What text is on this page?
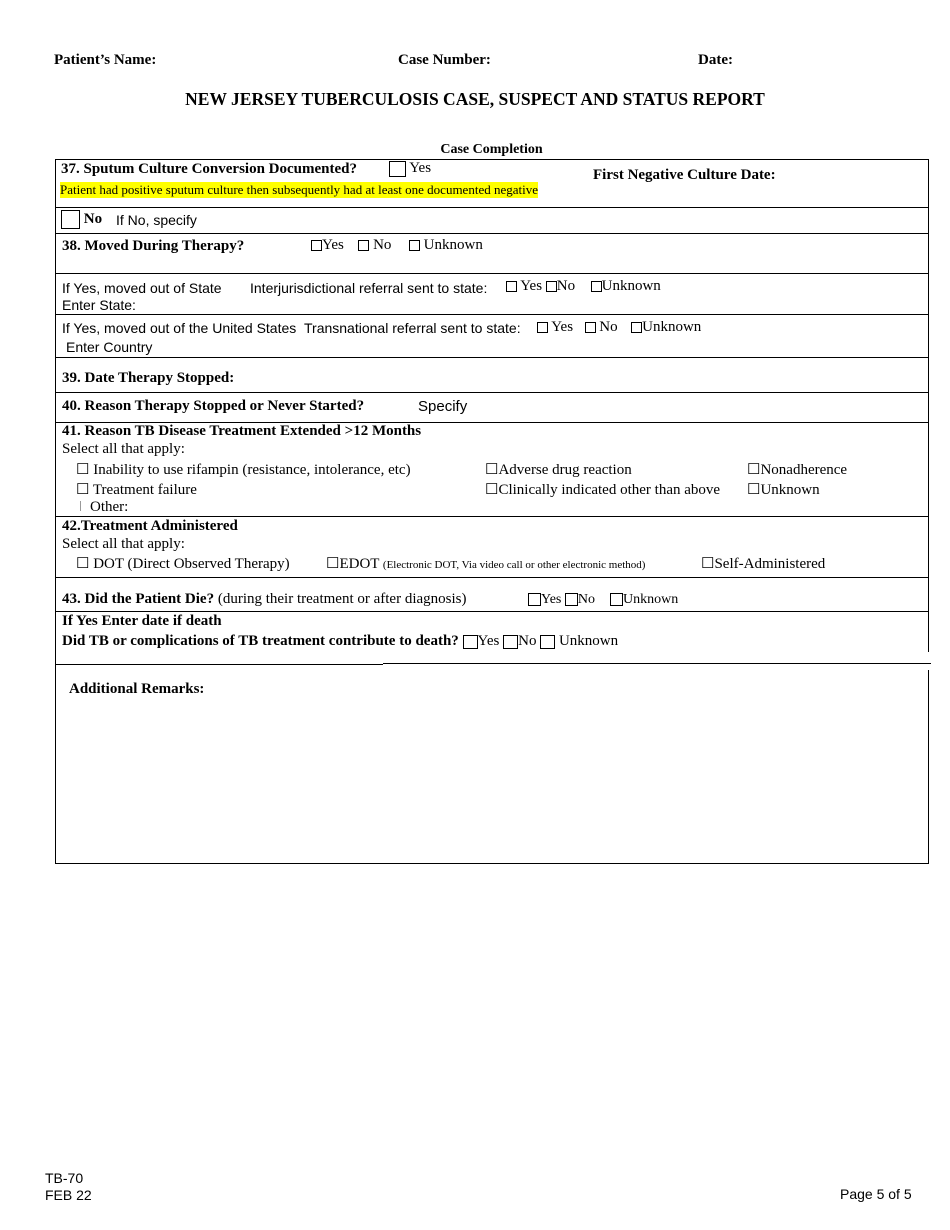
Patient’s Name:	Case Number:	Date:
NEW JERSEY TUBERCULOSIS CASE, SUSPECT AND STATUS REPORT
Case Completion
37. Sputum Culture Conversion Documented?	Yes	First Negative Culture Date:
Patient had positive sputum culture then subsequently had at least one documented negative
No If No, specify
38. Moved During Therapy?	Yes No Unknown
If Yes, moved out of State Interjurisdictional referral sent to state:	Yes No Unknown
Enter State:
If Yes, moved out of the United States Transnational referral sent to state:	Yes No Unknown
Enter Country
39. Date Therapy Stopped:
40. Reason Therapy Stopped or Never Started?	Specify
41. Reason TB Disease Treatment Extended >12 Months
Select all that apply:
☐ Inability to use rifampin (resistance, intolerance, etc)	☐Adverse drug reaction	☐Nonadherence
☐ Treatment failure	☐Clinically indicated other than above ☐Unknown
Other:
42.Treatment Administered
Select all that apply:
☐ DOT (Direct Observed Therapy) ☐EDOT (Electronic DOT, Via video call or other electronic method)	☐Self-Administered
43. Did the Patient Die? (during their treatment or after diagnosis)	Yes No Unknown
If Yes Enter date if death
Did TB or complications of TB treatment contribute to death? Yes No Unknown
Additional Remarks:
TB-70
FEB 22	Page 5 of 5
